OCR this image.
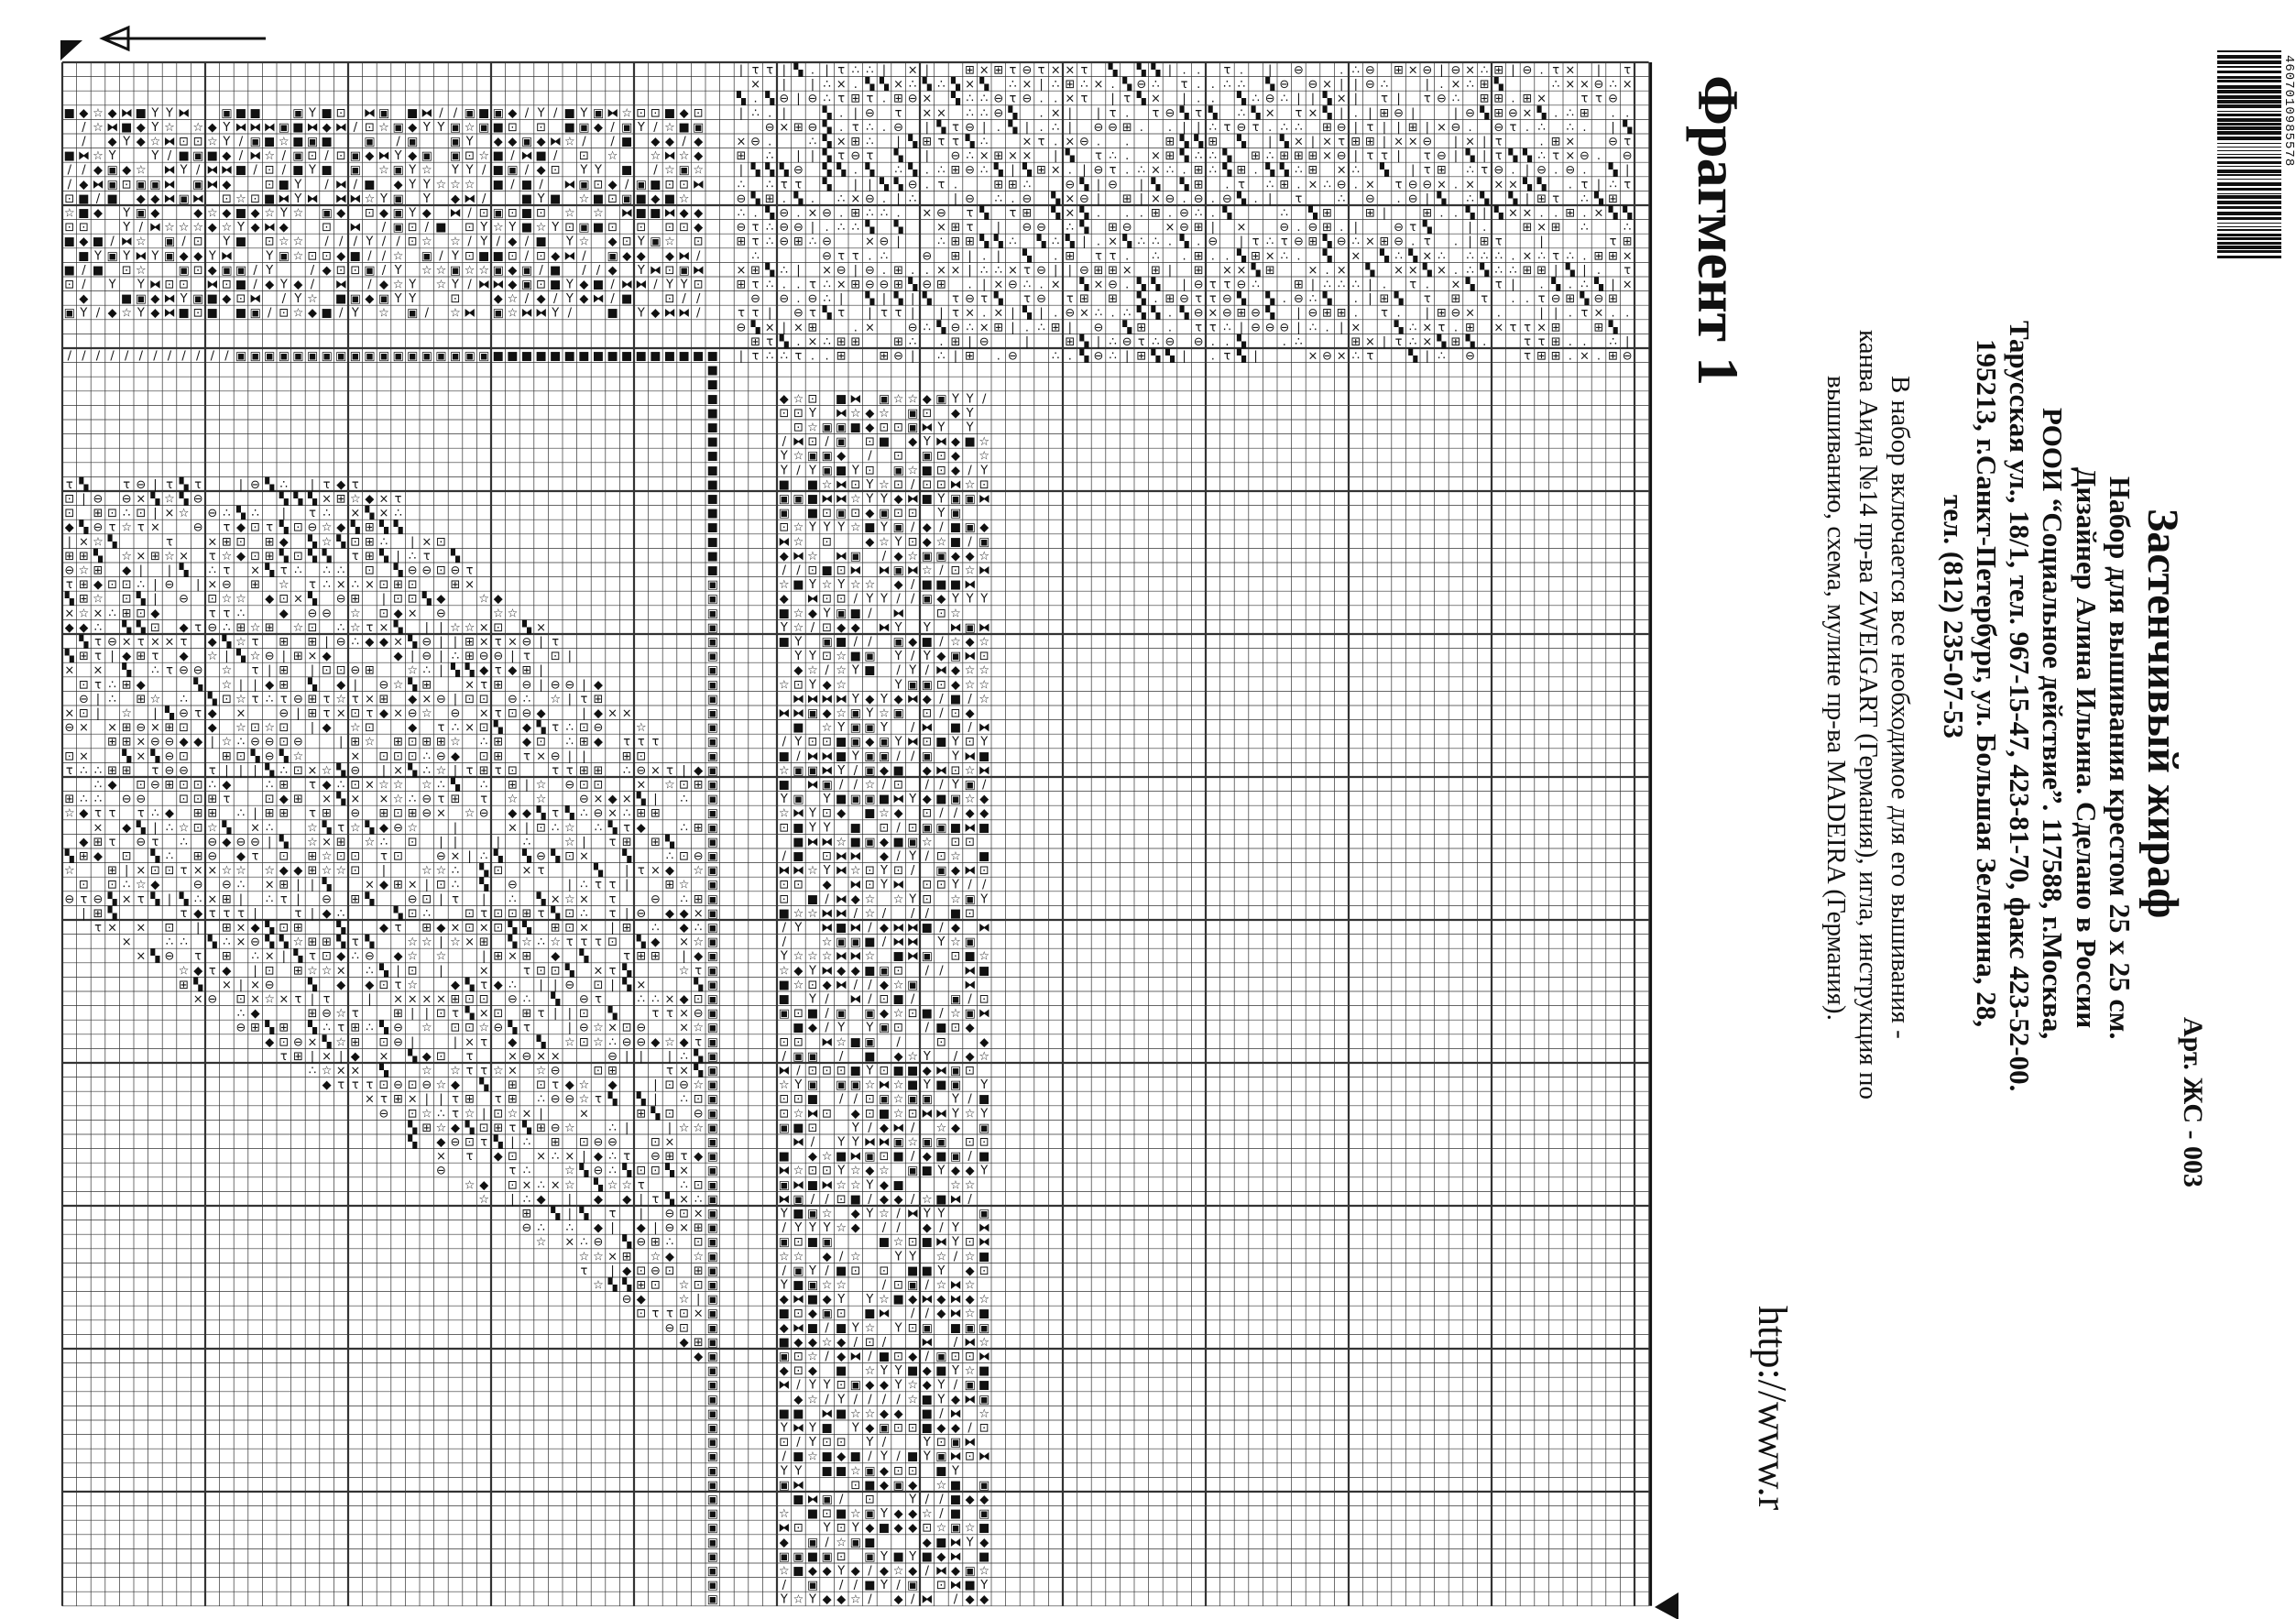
■ ◆ ☆ ◆ ⧓ ■ Y Y ⧓	▣ ■ ■	▣ Y ■ ⊡ ⧓ ▣ ■ ⧓ / / ▣ ■ ▣ ◆ / Y / ■ Y ▣ ⧓ ☆ ⊡ ⊡ ■ ◆ ⊡
/ ☆ ⧓ ■ ◆ Y ☆ ☆ ◆ Y ⧓ ⧓ ⧓ ▣ ■ ⧓ ◆ ⧓ / ⊡ ☆ ▣ ◆ Y Y ▣ ☆ ▣ ■ ⊡ ⊡ ■ ▣ ◆ / ▣ Y / ☆ ■ ▣
/ ◆ Y ◆ ☆ ⧓ ⊡ ⊡ ☆ Y / ▣ ■ ☆ ■ ▣ ■	▣ / ▣	▣ Y ◆ ◆ ▣ ◆ ⧓ ☆ / / ■ ◆ ◆ / ◆
■ ⧓ ☆ Y	Y / ■ ▣ ■ ◆ / ⧓ ☆ / ▣ ⊡ / ⊡ ▣ ◆ ⧓ Y ◆ ▣ ▣ ⊡ ☆ ■ / ⧓ ■ / ⊡ ☆	☆ ⧓ ☆ ◆
/ / ◆ ▣ ◆ ☆ ⧓ Y / ⧓ ⧓ ■ / ⊡ / ■ Y ■ ▣ ☆ ▣ Y ☆ Y Y / ■ ▣ / ◆ ⊡ Y Y ■ / ☆ ▣ ☆
/ ◆ ⧓ ▣ ⊡ ▣ ▣ ⧓ ▣ ⧓ ◆	⊡ ■ Y / ⧓ / ■ ◆ Y Y ☆ ☆ ☆ ■ / ■ / ⧓ ▣ ⊡ ◆ / ▣ ■ ⊡ ⊡ ⧓
⊡ ■ / ■ ◆ ◆ ⧓ ▣ ⧓ ⊡ ☆ ⊡ ■ ⧓ Y ⧓ ⧓ ⧓ ☆ Y ▣ Y ◆ ⧓ /	■ Y ■ ☆ ■ ⊡ ▣ ■ ◆ ■ ☆
☆ ■ ◆ Y ▣ ◆	◆ ☆ ◆ ■ ◆ ☆ Y ☆ ▣ ◆ ⊡ ◆ ▣ Y ◆ ⧓ / ⊡ ▣ ⊡ ■ ⊡ ☆ ☆ ⧓ ■ ■ ⧓ ◆ ◆
⊡ ⊡	Y / ⧓ ☆ ☆ ☆ ◆ ☆ Y ◆ ⧓ ◆	⊡ ⧓ / ▣ ⊡ / ■ ⊡ Y ☆ Y ■ ☆ Y ⊡ ▣ ■ ⊡ ⊡ ⊡ ⊡ ◆
■ ◆ ■ / ⧓ ☆ ▣ / ⊡ Y ■ ⊡ ☆ ☆ / / / Y / / ⊡ ☆ ☆ / Y / ◆ / ■ Y ☆ ◆ ⊡ Y ▣ ☆ ⊡
■ Y ▣ Y ⧓ Y ▣ ◆ ◆ Y ⧓	Y ▣ ☆ ⊡ ⊡ ◆ ■ / / ☆ ▣ / Y ⊡ ■ ■ ⊡ / ⊡ ◆ ⧓ / ▣ ◆ ◆ ◆ ⧓ /
■ / ■ ⊡ ☆	▣ ⊡ ◆ ▣ ▣ / Y	/ ◆ ⊡ ⊡ ▣ / Y ☆ ☆ ▣ ☆ ☆ ▣ ◆ ▣ / ■ / / ◆ Y ⧓ ⊡ ▣ ⧓
⊡ / Y Y ⧓ ⊡ ⊡ ⧓ ⊡ ■ / ◆ Y ◆ / ⧓ / ◆ ☆ Y ☆ Y / ⧓ ⧓ ◆ ▣ ⊡ ■ Y ◆ ■ / ⧓ ⧓ / Y Y ⊡
◆	■ ▣ ◆ ⧓ Y ▣ ■ ◆ ⊡ ⧓ / Y ☆ ■ ▣ ◆ ▣ Y Y	⊡	◆ ☆ / ◆ / Y ◆ ⧓ / ■	⊡ / /
▣ Y / ◆ ☆ Y ◆ ⧓ ■ ⊡ ■ ■ ▣ / ⊡ ☆ ◆ ■ / Y ☆ ▣ / ☆ ⧓ ▣ ☆ ⧓ ⧓ Y /	■ Y ◆ ⧓ ⧓ /
| τ τ | ▚ . | τ ∴ ∴ | × |	⊞ × ⊞ τ ⊖ τ × × τ ▚ ▚ ▚ | . . τ . | ⊖	. ∴ ⊖ ⊞ × ⊖ | ⊖ × ∴ ⊞ | ⊖ . τ × | τ
× | | ∴ × . ▚ ▚ × ∴ ▚ ∴ ▚ × ▚ ∴ × | ∴ ⊞ ∴ × . ▚ ⊖ ∴ τ . . ∴ ∴ ▚ ⊖ ⊖ × | | ⊖ ∴	| . × ∴ ⊞ ▚	∴ × × ⊖ ∴ ×
▚ . ▚ ⊖ | ⊖ ∴ τ ⊞ τ . ⊞ ⊖ × ▚ ∴ ∴ ⊖ τ ⊖ . . × τ | τ ▚ × | . . ▚ ∴ ⊖ ∴ | | ▚ × | τ | τ ⊖ ∴ ⊞ ⊞ . ⊞ ×	τ τ ⊖
| ∴ . |	▚ . | ⊖ τ × × ∴ ∴ ⊖ ▚ . × | | τ . τ ⊖ ▚ τ ▚ ∴ ▚ × τ × ▚ | . | ⊞ ⊖ |	| ⊖ ▚ ⊞ ⊖ × ▚ . ∴ ⊞ . .
⊖ × ⊞ ⊖ ▚ . τ ∴ . ⊖ | ▚ τ ⊖ | . ▚ | . ∴ | ⊖ ⊖ ⊞ . . | | ∴ τ ⊖ τ . ∴ ∴ ⊞ ⊖ | τ | | ⊞ | × ⊖ . ⊖ τ . ∴ ∴ . | ▚
× ⊖ .	∴ ▚ × ⊞ ∴ | ▚ ⊞ τ τ ▚ ∴	× τ . × ⊖ . .	⊞ ▚ ▚ ⊞ ▚ | ▚ × | × τ ⊞ ⊞ | × × ⊖ | × | τ	. ⊞ ×	⊖ τ
⊞ ∴ | | ▚ τ ⊖ τ ▚ | ⊖ ∴ × ⊞ × × | ▚ τ ∴ . × ⊞ ▚ ∴ ∴ ▚ ⊞ ∴ ⊞ ⊞ ⊞ × ⊖ | τ τ | τ ⊖ | ▚ | τ ▚ ▚ ∴ τ × ⊖ . ⊖
| ▚ ▚ ▚ ⊖ ▚ ▚ . ▚ ∴ ▚ . ∴ ⊞ ⊖ ∴ ▚ | ▚ ⊞ × . | ⊖ τ . ∴ × ∴ . ⊞ ∴ ▚ ⊞ . ▚ ▚ ∴ ⊞ × ∴ ▚ | τ ⊞ ∴ τ ⊖ . | ⊖ . ⊖ . ▚ |
∴ ∴ τ τ ▚ | | ▚ ▚ ⊖ . τ .	⊞ ⊞ ∴	⊖ ▚ | ⊖ | ▚ ▚ ⊞ . τ ∴ ⊞ . × ∴ ⊖ . × τ ⊖ ⊖ × . × × × ▚ ▚ . τ | ∴ τ
⊖ ▚ ⊞ . ▚ . ∴ × ⊖ . | ∴	| ⊖ ∴ . ⊖ ▚ × ⊖ | ⊞ | × ⊖ . ⊖ . ⊖ ▚ . | τ	∴ ⊖ . ⊖ | ▚ ∴ ▚ ▚ | ⊞ τ ∴ ▚ ⊞
∴ . ▚ ⊖ . × ⊖ . ⊞ ∴ ∴ . × ⊖ τ ▚ τ ⊞ ▚ × ▚ . . . ⊞ . ⊖ ∴ . ▚	∴ ▚ ⊞	⊞ |	⊞ . . ▚ | ▚ × × . . ⊞ . × ▚ ▚
⊖ τ ∴ ⊖ ⊖ | . ∴ ∴ ▚ ▚	× ⊞ τ | ⊖ ⊖ ∴ ▚ ⊞ ⊖	× ⊖ ⊞ | ×	⊖ . ⊖ ⊞ . |	⊖ τ ▚	| .	⊞ × ⊞ ∴	∴
⊞ τ ∴ ⊖ ⊞ ∴ ⊖	× ⊖ |	∴ ⊞ ⊞ ▚ ▚ ∴ ▚ ∴ ▚ | . × ▚ ∴ ∴ . ▚ . ⊖ | τ ∴ τ ⊖ ⊞ ▚ ⊖ ∴ × ⊞ ⊖ . τ . | ⊞ τ	|	τ ⊞
∴	⊖ τ τ . ∴	⊖ ⊞ | . | ▚ . ⊞ τ τ . ∴ . ⊞ . . ▚ ⊞ × ∴ . ▚ × ▚ ∴ ▚ × ∴ ∴ ∴ ∴ . × ∴ τ ∴ . ⊞ ⊞ ×
× ⊞ ▚ ∴ | × ⊖ | ⊖ . ⊞ . . × × | ∴ ∴ × τ ⊖ | | ⊖ ⊞ ⊞ × ⊞ | ⊞ × × ▚ ⊞	× . × ▚ × × ▚ × . ∴ ▚ ∴ ∴ ⊞ ⊞ | ▚ | . τ
⊞ τ ∴ . . τ ∴ × ⊞ ⊖ ⊖ ⊞ ▚ ⊖ ⊞ . | × ⊖ ∴ . × ▚ × ⊖ . ▚ ▚ | ⊖ τ τ ⊖ ∴	⊞ | ∴ ∴ ∴ | . τ . × ▚ τ | . ▚ . ∴ ▚ | ×
⊖ ⊖ . ⊖ ∴ | ▚ | ▚ | ▚ τ ⊖ τ ▚ τ ⊖ τ ⊞ ⊞ ▚ . ⊞ ⊖ τ τ ⊖ ▚ ▚ . ⊖ ∴ ▚ . | ⊞ ▚ τ ⊞ τ . . τ ⊖ ⊞ ▚ ⊖ ⊞
τ τ | ⊖ τ ▚ τ | τ τ | | τ × . × | ▚ | . ⊖ × ∴ . ∴ ▚ ▚ . ▚ ⊖ × ⊖ ⊞ ⊖ ▚ | ⊖ ⊞ ⊞ . τ . | ⊞ ⊖ × .	| | . τ × . .
⊖ ▚ × | × ⊞	. ×	⊖ ∴ ▚ ⊖ ∴ × ⊞ | . ∴ ⊞ | ⊖ ▚ ⊞ . τ τ ∴ | ⊖ ⊖ ⊖ | ∴ . | ×	▚ ∴ × τ . ⊞ × τ τ × ⊞	⊞ ▚
⊞ τ ▚ . × ∴ ⊞ ⊞	⊞ ∴ . ⊞ | ⊖	|	⊞ ▚ | ∴ ⊖ τ ∴ ⊖ ⊖ . . ▚	. ∴	⊞ × | τ ∴ × ▚ ⊞ ▚ .	τ τ ⊞ . . ∴ |
| τ ∴ ∴ τ . . ⊞	⊞ ⊖ | ∴ | ⊞ . ⊖	∴ . ▚ ⊖ ∴ | ⊞ ▚ ▚ | . τ ▚ |	× ⊖ × ∴ τ	▚ | ∴ ⊖	τ ⊞ ⊞ . × . ⊞ ⊖
/ / / / / / / / / / / / ▣ ▣ ▣ ▣ ▣ ▣ ▣ ▣ ▣ ▣ ▣ ▣ ▣ ▣ ▣ ▣ ▣ ▣ ■ ■ ■ ■ ■ ■ ■ ■ ■ ■ ■ ■ ■ ■ ■ ■
■
■
■
■
■
■
■
■
■
■
■
■
■
■
■
▣
▣
▣
▣
▣
▣
▣
▣
▣
▣
▣
▣
▣
▣
▣
▣
▣
▣
▣
▣
▣
▣
▣
▣
▣
▣
▣
▣
▣
▣
▣
▣
▣
▣
▣
▣
▣
▣
▣
▣
▣
▣
▣
▣
▣
▣
▣
▣
▣
▣
▣
▣
▣
▣
▣
▣
▣
▣
▣
▣
▣
▣
▣
▣
▣
▣
▣
▣
▣
▣
▣
▣
◆ ☆ ⊡ ■ ⧓ ▣ ☆ ☆ ◆ ▣ Y Y /
⊡ ⊡ Y ⧓ ☆ ◆ ☆ ▣ ⊡ ◆ Y
⊡ ☆ ▣ ▣ ■ ◆ ⊡ ⊡ ▣ ⧓ Y Y
/ ⧓ ⊡ / ▣ ⊡ ■ ◆ Y ⧓ ◆ ■ ☆
Y ☆ ▣ ▣ ◆ / ⊡ ▣ ⊡ ◆ ☆
Y / Y ▣ ■ Y ⊡ ▣ ☆ ■ ⊡ ◆ / Y
■ ■ ☆ ⧓ ⊡ Y ☆ ⊡ / ⊡ ⊡ ⧓ ☆ ⊡
▣ ▣ ■ ⧓ ⧓ ☆ Y Y ◆ ⧓ ■ Y ▣ ▣ ⧓
▣ ■ ⊡ ▣ ⊡ ◆ ▣ ⊡ ⊡ Y ▣
⊡ ☆ Y Y Y ☆ ■ Y ▣ / ◆ / ■ ▣ ◆
⧓ ☆ ⊡	◆ ☆ Y ⊡ ◆ ☆ ■ / ▣
◆ ⧓ ☆ ⧓ ▣ / ◆ ☆ ▣ ▣ ◆ ◆ ☆
/ / ⊡ ■ ⊡ ⧓ ⧓ ▣ ⧓ ☆ / ⊡ ☆ ⧓
☆ ■ Y ☆ Y ☆ ☆ ◆ / ■ ■ ■ ⧓
◆ ⧓ ⊡ ⊡ / Y Y / / ▣ ◆ Y Y Y
■ ☆ ◆ Y ▣ ■ / ⧓	⊡ ☆
Y ☆ / ⊡ ◆ ◆ ⧓ Y Y ⧓ ▣ ⧓
■ Y ▣ ■ / / ▣ ◆ ■ / ☆ ◆ ☆
Y Y ⊡ ☆ ■ ▣ Y / Y ◆ ▣ ⧓ ⊡
◆ ☆ / ☆ Y ■ / Y / ⧓ ◆ ☆ ☆
☆ ⊡ Y ◆ ☆	Y ▣ ▣ ⊡ ◆ ☆ ☆
⧓ ⧓ ⧓ ⧓ Y ◆ Y ◆ ⧓ ◆ / ■ / ☆
⧓ ⧓ ▣ ◆ ☆ ▣ Y ☆ ▣ ⊡ / ⊡ ◆
■ ☆ Y ▣ ▣ Y / ⧓ ■ / ⧓
/ Y ⊡ ⊡ ■ ▣ ◆ ▣ Y ⧓ ⊡ ■ Y ⊡ Y
■ / ⧓ ⧓ ■ Y ▣ ▣ / / ▣ Y ⧓ ■
☆ ▣ ▣ ⧓ Y / ▣ ◆ ■ ◆ ⧓ ⊡ ☆ ⧓
■ ⧓ ▣ / / ☆ / ⊡ / / Y ▣ /
Y ▣ Y ■ ▣ ▣ ■ ⧓ Y ◆ ■ ▣ ☆ ◆
☆ ⧓ Y ⊡ ◆ ■ ☆ ◆ ⊡ / / ◆ ◆
⊡ ■ Y Y ■ ⊡ / ⊡ ▣ ▣ ■ ⧓ ■
■ ⧓ ⧓ ☆ ■ ▣ ◆ ■ ▣ ☆ ⊡ ⊡
/ ■ ⊡ ⧓ ⧓ ◆ / Y / ⊡ ☆ ■
⧓ ⧓ ☆ Y ⧓ ☆ ⊡ Y ⊡ / ▣ ◆ ⧓ ⊡
⊡ ⊡ ◆ ⧓ ⊡ Y ⧓ ⊡ ⊡ Y / /
⊡ ■ / ⧓ ◆ ☆ ☆ Y ⊡ ☆ ▣ Y
■ ☆ ☆ ⧓ ⧓ / ☆ / / / ■ ⊡
/ Y ⧓ ■ ⧓ / ◆ ⧓ ⧓ ■ / ◆ ⧓
/	☆ ▣ ▣ ■ / ⧓ ⧓ Y ☆ ▣
Y ☆ ☆ ☆ ⧓ ⧓ ☆ ■ ⧓ ▣ ⊡ ■ ☆
☆ ◆ Y ⧓ ◆ ◆ ■ ▣ ⊡ / / ⧓ ■
■ ☆ ⊡ ◆ ⧓ / / ◆ ☆ ▣	⧓
■ Y / ⧓ / ⊡ ■ /	▣ / ⊡
▣ ⊡ ■ / ▣ ▣ ◆ ☆ ⊡ ■ / ☆ ▣ ⧓
■ ◆ / Y Y ▣ ⊡ / ■ ⊡ ◆
⊡ ⊡ ⧓ ☆ ■ ▣ /	⊡	◆
/ ▣ ▣ / ■ ◆ ☆ Y / ◆ ☆
⧓ / ⊡ ⊡ ⊡ ■ Y ⊡ ■ ■ ◆ ⧓ ▣ ⊡
☆ Y ▣ ▣ ▣ ☆ ⧓ ☆ ■ Y ■ ▣ Y
⊡ ⊡ ■ / / ⊡ ▣ ☆ ▣ ▣ Y / ■
⊡ ☆ ⧓ ⊡ ◆ ⊡ ■ ☆ ⊡ ⧓ ⧓ Y ☆ Y
▣ ■ ⊡	Y / ◆ ⧓ / ☆ ◆ ▣
⧓ / Y Y ⧓ ⧓ ▣ ☆ ▣ ▣ ⊡ ⊡
■ ◆ ☆ ■ ⧓ ▣ ⊡ ■ / ◆ ■ ▣ / ■
⧓ ☆ ⊡ ⊡ Y ☆ ◆ ☆ ▣ ■ Y ◆ ◆ Y
▣ ⧓ ■ ⧓ ☆ ☆ Y ◆ ■	☆ ☆
⧓ ▣ / / ⊡ ■ / ◆ ◆ / ☆ ■ ⧓ /
Y ■ ▣ ☆ ◆ Y ☆ / ⧓ Y Y	▣
/ Y Y Y ☆ ◆ / / ◆ / Y ⧓
▣ ⊡ ■ ▣	■ ☆ ⊡ ■ ⧓ Y ⊡ ⧓
☆ ☆ ◆ / ☆	Y Y ☆ / ☆ ■
/ ▣ Y / ■ ⊡ ⊡ ■ ■ Y ◆ ⊡
Y ■ ▣ ☆ ☆	/ ⊡ ▣ / ☆ ⧓ ☆
◆ ⧓ ■ ◆ Y Y ☆ ■ ◆ ⧓ ◆ ⧓ ◆ ☆
■ ⊡ ◆ ▣ ⊡ ■ ⧓ / / ◆ ⧓ ☆ ■
◆ ⧓ ■ / ■ Y ☆ Y ⊡ ▣ ■ ▣ ▣
■ ◆ ◆ ☆ ◆ / ⊡ /	⧓ / ⧓ ☆
▣ ⊡ ☆ / ◆ ⧓ / ■ ⊡ ◆ / ▣ ⊡ ⊡ ⧓
◆ ⊡ ◆ ■ ☆ Y Y ■ ◆ ■ Y ☆ ■
⧓ / Y Y ⊡ ▣ ◆ ◆ Y ☆ ◆ Y / ▣ ■
◆ ☆ / Y / / / / ☆ ■ Y ◆ ⧓ ▣
■ ■ ⧓ ■ ☆ ☆ ◆ ◆ ■ / ⧓ ☆
Y ⧓ Y ■ Y ◆ ▣ ⊡ ⊡ ■ ◆ ◆ / ⊡
⊡ / Y ⊡ ⊡ Y /	Y ⊡ ▣ ⧓
/ ■ ☆ ■ ◆ ■ / Y / ■ Y ▣ ⧓ ⊡ ⧓
Y Y ■ ■ ☆ ▣ ◆ ⊡ ⊡ ■ Y
▣ ⧓	⊡ ■ ◆ ▣ ◆ ☆ ■ ▣
■ ⧓ ▣ / ⊡	Y / / ■ ◆ ◆
☆ ■ ⊡ ■ ☆ ▣ Y ◆ ◆ ☆ / ■ ▣
⧓ ⊡ Y ⊡ Y ◆ ■ ◆ ◆ ⊡ ☆ ▣ ☆ ■
◆ ▣ / ☆ ▣ ■	◆ ■ ⧓ Y ◆
▣ ▣ ■ ▣ ⊡ ▣ Y ■ Y ■ ◆ ⧓ ■
☆ ■ ◆ ◆ Y ◆ / ◆ ☆ ◆ / ⧓ ◆ ▣ ☆
/ ▣ / / ■ Y / ▣ ⊡ ⧓ ■ Y
Y ☆ Y ◆ ◆ ☆ / ◆ / ⧓ / ◆ ◆
τ ▚	τ ⊖ | τ ▚ τ	| ⊖ ▚ ∴ | τ ◆ τ
⊡ | ⊖ ⊖ × ▚ ☆ ▚ ⊖	▚ ▚ ▚ × ⊞ ☆ ◆ × τ
⊡ ⊞ ⊡ ∴ ⊡ | × ☆ ⊖ ∴ ▚ ∴ | τ ∴ × ▚ × ∴
◆ ▚ ⊖ τ ☆ τ ×	⊖ τ ◆ ⊡ τ ▚ ⊡ ⊖ ☆ ◆ ▚ ⊞ ▚ ▚
| × ☆ ▚	τ	× ⊞ ⊡ ⊞ ◆ ▚ ☆ ▚ ⊡ ⊞ ∴ | × ⊡
⊞ ⊞ ▚ ☆ × ⊞ ☆ × τ ☆ ◆ ⊡ ⊞ ▚ ⊡ ▚ ▚ τ ⊞ ▚ | ∴ τ ▚
⊖ ☆ ⊞ ◆ | | ▚ ∴ τ × ▚ τ ∴ ∴ ∴ ⊡ ▚ ⊖ ⊖ ⊡ ⊖ τ
τ ⊞ ◆ ⊡ ⊡ ∴ | ⊖ | × ⊖ ⊞ ☆ τ ∴ × ∴ × ⊡ ⊞ ⊡	⊞ ×
▚ ⊞ ☆ ⊡ ▚ | ⊖ ⊡ ☆ ☆ ◆ ⊡ × ▚ ⊖ ⊞ | ⊡ ⊡ ▚ ◆	☆ ◆
× ☆ × ∴ ⊞ ⊡ ◆	τ τ ∴	◆ ⊖ ⊖ ☆ ⊡ ◆ × ⊖	☆ ☆
◆ ◆ ∴ ▚ ▚ ⊡ ◆ τ ⊖ ∴ ⊞ ☆ ⊞ ☆ ⊡ ∴ ☆ τ × ▚ | | ☆ ☆ × ⊡ ▚ ×
▚ τ ⊖ × τ × × τ ◆ ▚ ☆ τ ⊞ ⊞ | ⊖ ∴ ◆ ◆ × ▚ ⊖ | | ⊞ × τ × ⊖ | τ
▚ ⊞ τ | ◆ ⊞ τ ◆ ☆ | ▚ ☆ ⊖ | ⊞ × ◆	◆ | ⊖ | ∴ ⊞ ⊖ ⊖ | τ ⊡ |
× × ▚ ∴ τ ⊖ ⊖ ☆ τ | ⊞ | ⊡ ⊡ ⊖ ⊞	☆ ∴ | ▚ ▚ ◆ τ ◆ ⊞ |
⊡ τ ∴ ⊞ ◆	▚ ☆ | | ◆ ⊞ ▚ ◆ | ⊖ ☆ ▚ ⊞	× τ ⊞ ⊖ | ⊖ ⊖ | ◆
⊖ | ∴ ⊞ ☆ ∴ ▚ ⊡ ☆ τ ∴ τ ⊖ ⊞ τ ☆ τ × ⊞ ◆ × ⊖ | ⊡ ⊡ ⊖ ∴ ☆ | τ ⊞
× ⊡ | ☆ | ▚ ⊖ τ ◆ ×	⊖ | ⊞ τ × ⊡ τ ◆ × ⊖ ☆ ⊖ × τ ⊡ ⊖ ◆	| ◆ × ×
⊖ × × ⊞ ⊖ × ⊞ ⊡ ◆ ☆ ⊡ ☆ ⊡ | ◆ ☆ ⊡	◆ τ ∴ × ⊡ ▚ ◆ ▚ τ ∴ ⊡ ⊖	☆
⊞ ⊞ × ⊖ ⊖ ◆ ◆ | ☆ ∴ ⊖ ⊖ ⊡ ⊖	| ⊞ ☆ ⊞ ⊡ ⊞ ⊞ ☆ ∴ ⊞ ◆ ⊡ ∴ ⊞ ◆ τ τ τ
⊡ ×	▚ × ▚ ⊖ ⊡	⊞ ⊡ ▚ ⊖ ▚ ☆	× ⊡ ⊡ ⊡ ∴ ⊖ ◆ ⊡ ⊞ τ × ⊖ | |	⊞ ⊡
τ ∴ ∴ ⊞ ⊞ τ ⊖ ⊖ τ | | | ▚ ∴ ⊡ × ☆ ▚ ⊖ | × ▚ ∴ ☆ | τ ⊞ τ ⊡	τ τ ⊞ ⊞ ∴ ⊖ × τ | ◆
∴ ◆ ⊡ ⊖ ⊞ ⊡ ⊡ ∴ ◆	∴ ⊞ τ ◆ ∴ ⊡ × ☆ ☆ ☆ ∴ ▚ ∴ ⊞ | ☆ ⊖ ⊡ ⊡	× ☆ ⊡ ⊞
⊞ ∴ ∴ ⊖ ⊖	⊡ ⊡ ⊞ τ	⊡ ◆ ⊞ × ▚ × × ☆ ∴ ⊖ τ ⊞ τ ☆ ☆	⊖ × ◆ × ▚ | ∴
☆ ◆ τ τ τ ∴ ◆ ⊞ ⊞ ∴ | ⊞ ⊞ τ ⊞ ⊖ ⊞ ⊡ ⊞ ⊖ × ☆ ⊖ ◆ ◆ ▚ τ ▚ ∴ ⊖ × ∴ ⊞ ⊞
× ◆ ▚ | ∴ ☆ ⊡ ☆ ▚ × ∴	☆ ▚ τ ☆ ▚ ◆ ⊖ ☆	|	× | ⊡ ∴ ☆ ∴ ▚ τ ◆	∴ ⊞
◆ ⊞ τ ⊖ τ ∴ ⊖ ◆ ⊖ ⊖ | ▚ ☆ × ⊞ ☆ ∴ ⊡ | |	| ∴	☆ | τ ⊞ ⊞ ▚
▚ ⊞ ◆ ⊡ ▚ ∴ ⊞ ⊖ ◆ τ ⊡ ⊞ ☆ ⊡ ⊡ τ ⊡	⊖ × | ∴ ▚ ▚ ⊖ ▚ ⊡ ×	▚	∴ ⊡ ⊖
☆	⊞ | × ⊡ ⊡ τ × × ☆ ☆ ☆ ◆ ◆ ⊞ ☆ ☆ ⊡ |	☆ ☆ ∴ ▚ ⊡ × τ	▚ | τ × ◆ ☆
⊡ ⊡ ∴ ☆ ◆	⊖ ⊖ ∴ × ⊞ | | ▚	× ◆ ⊞ × | ⊡ ∴ ▚ ⊖	| ∴ τ τ |	⊞ ☆
⊖ τ ⊖ ▚ × τ ▚ | ▚ ∴ × ⊞ | ∴ τ | ⊖ ⊞ ▚	⊖ ⊡ | τ | ∴ ▚ × ☆ × τ	⊖ ∴ ⊞
| ⊞ ▚	τ ◆ τ τ τ |	τ | ◆ ∴	▚ ⊡ ∴	⊡ τ ⊡ ⊡ ⊞ τ ▚ ⊡ ∴ τ | ⊖ ◆ ◆ ×
τ × × ⊡ | ⊞ × ◆ ▚ ⊡ ⊞	▚	◆ τ ⊞ ◆ × ⊡ × ⊡ ▚ ▚ ⊞ ⊡ × | ⊞ ∴ ◆ ∴
×	∴ ∴ ▚ ∴ × ⊖ ▚ ▚ ☆ ⊞ ⊞ ▚ τ ▚	☆ ☆ | ☆ × ⊞ ▚ ☆ ∴ ☆ τ τ τ ⊡ ▚ ◆ × ☆
× ▚ ⊖ τ ⊞ ∴ × | ▚ τ ⊡ ◆ ∴ ⊖ ◆ ☆ ☆	| ⊞ × ⊞ ◆ ▚	τ ⊞ ⊞ | ◆
☆ ◆ τ ◆ | ⊡ ⊞ ☆ ☆ × ∴ ▚ | ⊡ |	×	τ ⊡ ⊡ ▚ × τ ▚	☆ τ
⊞ ▚ × | × ⊖	▚ ◆ ◆ ⊡ τ ☆	◆ ▚ τ ◆ ∴ | | ⊖ ⊡ | ▚ ×	▚
× ⊖ ⊡ × ☆ × τ | τ	| × × × × ⊞ ⊡ ⊡ ⊖ ∴ ▚ ⊖ τ	∴ ∴ × ◆ ⊡
∴ ◆	⊞ ⊖ ☆ τ	⊞ | | ⊡ τ ▚ × ⊡ ⊞ τ | | ⊡ ▚	τ τ × ⊖
⊖ ⊞ ▚ ⊞ ▚ ∴ τ ⊞ ∴ ▚ ⊖ ☆ ⊡ ⊡ ☆ ⊖ ▚ τ	| ⊖ ☆ × ⊡ ⊖	× ☆
◆ ⊡ ⊖ × ▚ ☆ ⊞ ⊡ ⊖ |	| × τ ◆ ▚ ☆ ⊡ ☆ ∴ ⊖ ⊖ ◆ ☆ ◆ τ
τ ⊞ | × | ◆ × ▚ ◆ ⊡ τ	× ⊖ × ×	⊖ | | | ∴ ▚
∴ ☆ × × ▚	☆ ☆ τ τ ☆ × ☆ ⊖	⊡ ⊞	τ × ▚
◆ τ τ τ ⊡ ⊖ ⊡ ⊖ ☆ ◆ ▚ ⊞ ⊡ τ ◆ ☆ ◆	| ⊡ ⊖ ☆
× τ ⊞ × | | τ ⊞ τ ⊞ ∴ ⊖ ⊖ ☆ τ ▚ ▚ | ∴ ⊡
⊖ ⊡ ☆ ∴ τ ☆ | ⊡ ☆ × |	×	⊞ ▚ ⊡ ⊖
▚ ⊞ ☆ ◆ ▚ ⊡ ⊞ τ ▚ ⊞ ⊖ ☆	∴ |	| ☆ ☆
▚ ◆ ⊖ ⊡ τ ▚ | ∴ ⊞ ⊡ ⊖ ⊖	⊡ ×
× τ ◆ ⊡ × ∴ × | ◆ ∴ τ ⊖ ⊞ τ ◆
⊖	τ ∴	☆ ▚ ⊖ ∴ ▚ ⊡ ⊡ ▚ ×
☆ ◆ ⊡ × ∴ × ☆ ▚ ☆ ☆ τ	∴ ⊡
☆ | ∴ ◆ | ◆ ◆ | τ ▚ × ∴
⊞ ▚ | ▚ τ | ⊖ ⊡ ×
⊖ ∴ ∴ ◆ | ◆ | ⊖ × ⊞
☆ × ∴ ⊖ ▚ ⊖ ⊞ ∴ ⊡
☆ ☆ × ⊞ ☆ ◆ ☆
τ | ◆ ⊡ ⊖ ⊡ ⊞
☆ ▚ ▚ ⊞ ⊡ ☆ ⊡
⊖ ◆	☆ |
⊡ τ τ ⊡ ×
⊖ ⊡
◆ ⊞
◆
4607010985578
Арт. ЖС - 003
Застенчивый жираф
Набор для вышивания крестом 25 x 25 см.
Дизайнер Алина Ильина. Сделано в России
РООИ “Социальное действие”. 117588, г.Москва,
Тарусская ул., 18/1, тел. 967-15-47, 423-81-70, факс 423-52-00.
195213, г.Санкт-Петербург, ул. Большая Зеленина, 28,
тел. (812) 235-07-53
В набор включается все необходимое для его вышивания -
канва Аида №14 пр-ва ZWEIGART (Германия), игла, инструкция по
вышиванию, схема, мулине пр-ва MADEIRA (Германия).
Фрагмент 1
http://www.r
